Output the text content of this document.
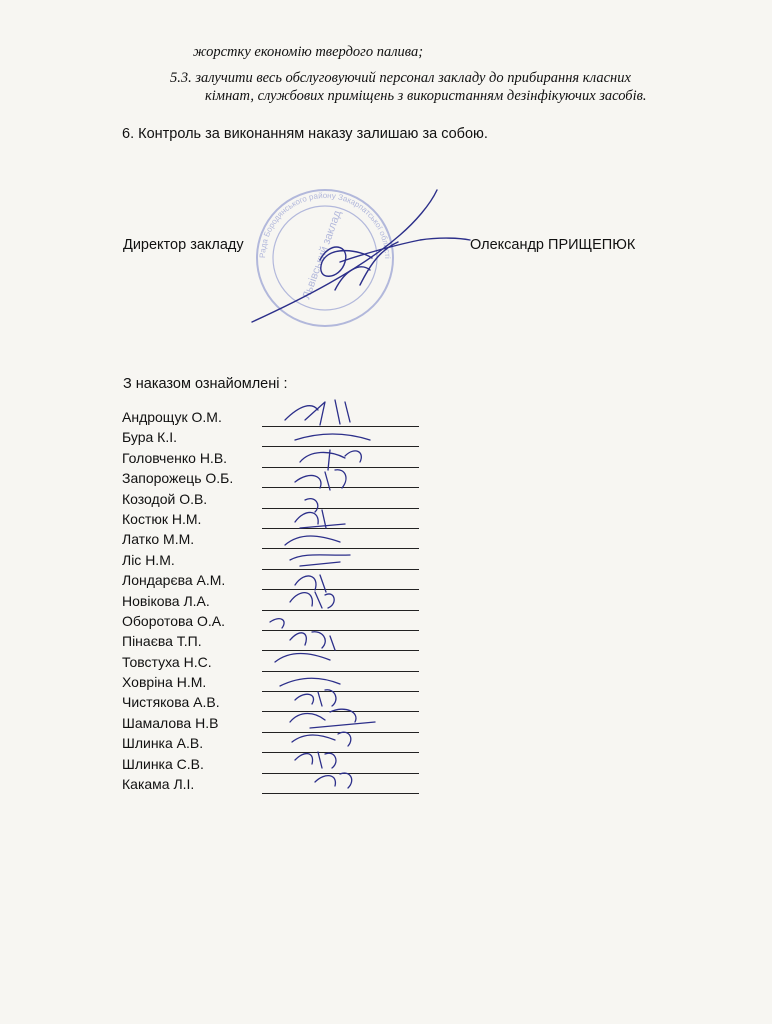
жорстку економію твердого палива;
5.3. залучити весь обслуговуючий персонал закладу до прибирання класних
кімнат, службових приміщень з використанням дезінфікуючих засобів.
6. Контроль за виконанням наказу залишаю за собою.
Директор закладу	Олександр ПРИЩЕПЮК
Рада Бородянського району Закарпатської області
Львівський заклад
З наказом ознайомлені :
Андрощук О.М.
Бура К.І.
Головченко Н.В.
Запорожець О.Б.
Козодой О.В.
Костюк Н.М.
Латко М.М.
Ліс Н.М.
Лондарєва А.М.
Новікова Л.А.
Оборотова О.А.
Пінаєва Т.П.
Товстуха Н.С.
Ховріна Н.М.
Чистякова А.В.
Шамалова Н.В
Шлинка А.В.
Шлинка С.В.
Какама Л.І.
